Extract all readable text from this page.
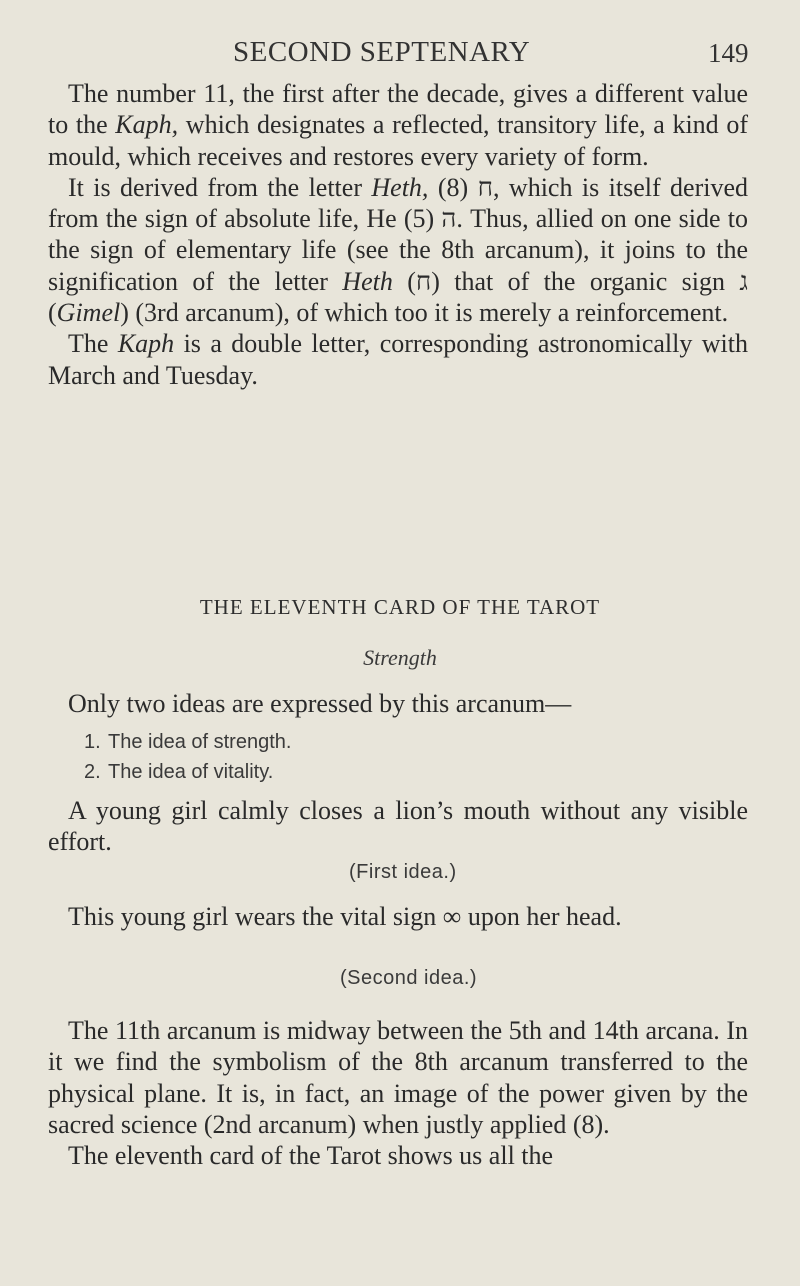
SECOND SEPTENARY	149

The number 11, the first after the decade, gives a different value to the Kaph, which designates a reflected, transitory life, a kind of mould, which receives and restores every variety of form.

It is derived from the letter Heth, ח (8), which is itself derived from the sign of absolute life, He ה (5). Thus, allied on one side to the sign of elementary life (see the 8th arcanum), it joins to the signification of the letter Heth (ח) that of the organic sign ג (Gimel) (3rd arcanum), of which too it is merely a reinforcement.

The Kaph is a double letter, corresponding astronomically with March and Tuesday.

THE ELEVENTH CARD OF THE TAROT
Strength

Only two ideas are expressed by this arcanum—

1. The idea of strength.
2. The idea of vitality.

A young girl calmly closes a lion’s mouth without any visible effort.

(First idea.)

This young girl wears the vital sign ∞ upon her head.

(Second idea.)

The 11th arcanum is midway between the 5th and 14th arcana. In it we find the symbolism of the 8th arcanum transferred to the physical plane. It is, in fact, an image of the power given by the sacred science (2nd arcanum) when justly applied (8).

The eleventh card of the Tarot shows us all the
